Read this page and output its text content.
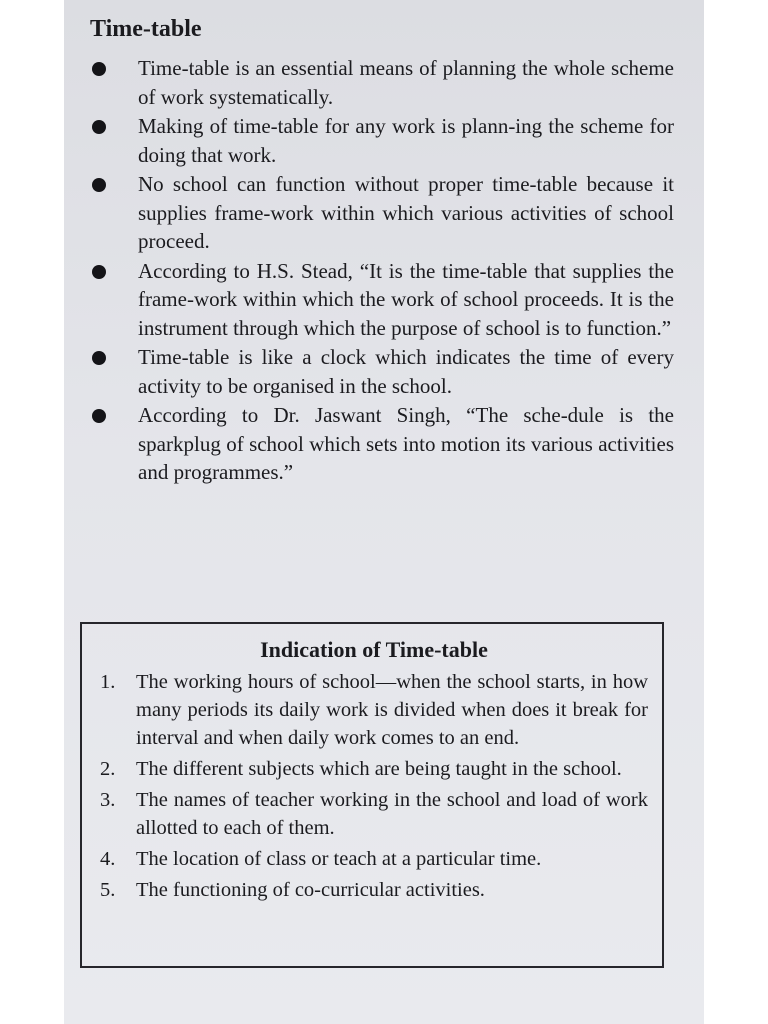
Time-table
Time-table is an essential means of planning the whole scheme of work systematically.
Making of time-table for any work is plann-ing the scheme for doing that work.
No school can function without proper time-table because it supplies frame-work within which various activities of school proceed.
According to H.S. Stead, “It is the time-table that supplies the frame-work within which the work of school proceeds. It is the instrument through which the purpose of school is to function.”
Time-table is like a clock which indicates the time of every activity to be organised in the school.
According to Dr. Jaswant Singh, “The sche-dule is the sparkplug of school which sets into motion its various activities and programmes.”
Indication of Time-table
1.	The working hours of school—when the school starts, in how many periods its daily work is divided when does it break for interval and when daily work comes to an end.
2.	The different subjects which are being taught in the school.
3.	The names of teacher working in the school and load of work allotted to each of them.
4.	The location of class or teach at a particular time.
5.	The functioning of co-curricular activities.
